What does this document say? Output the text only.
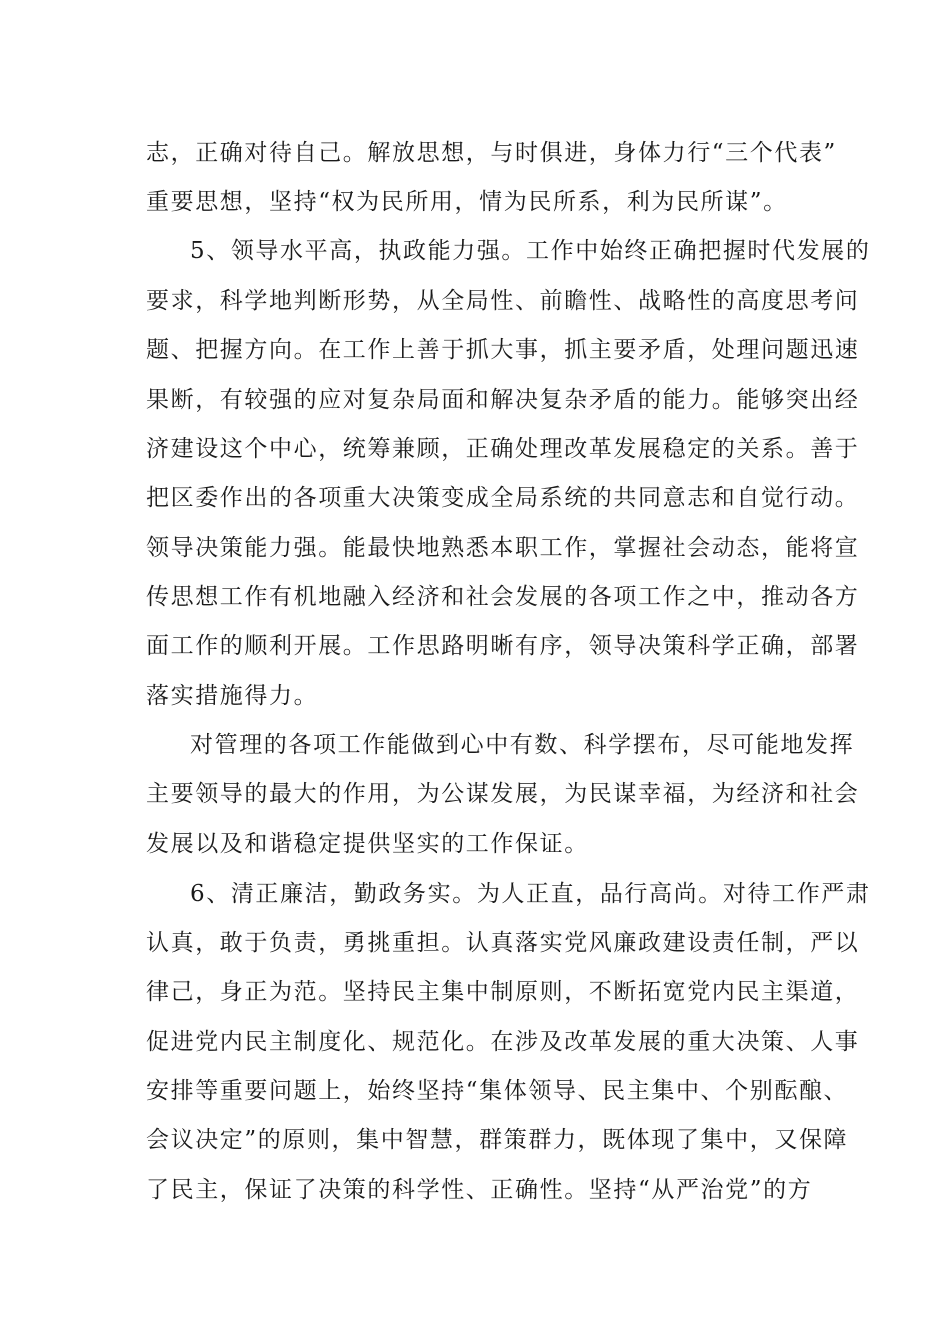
志，正确对待自己。解放思想，与时俱进，身体力行“三个代表”
重要思想，坚持“权为民所用，情为民所系，利为民所谋”。
5、领导水平高，执政能力强。工作中始终正确把握时代发展的
要求，科学地判断形势，从全局性、前瞻性、战略性的高度思考问
题、把握方向。在工作上善于抓大事，抓主要矛盾，处理问题迅速
果断，有较强的应对复杂局面和解决复杂矛盾的能力。能够突出经
济建设这个中心，统筹兼顾，正确处理改革发展稳定的关系。善于
把区委作出的各项重大决策变成全局系统的共同意志和自觉行动。
领导决策能力强。能最快地熟悉本职工作，掌握社会动态，能将宣
传思想工作有机地融入经济和社会发展的各项工作之中，推动各方
面工作的顺利开展。工作思路明晰有序，领导决策科学正确，部署
落实措施得力。
对管理的各项工作能做到心中有数、科学摆布，尽可能地发挥
主要领导的最大的作用，为公谋发展，为民谋幸福，为经济和社会
发展以及和谐稳定提供坚实的工作保证。
6、清正廉洁，勤政务实。为人正直，品行高尚。对待工作严肃
认真，敢于负责，勇挑重担。认真落实党风廉政建设责任制，严以
律己，身正为范。坚持民主集中制原则，不断拓宽党内民主渠道，
促进党内民主制度化、规范化。在涉及改革发展的重大决策、人事
安排等重要问题上，始终坚持“集体领导、民主集中、个别酝酿、
会议决定”的原则，集中智慧，群策群力，既体现了集中，又保障
了民主，保证了决策的科学性、正确性。坚持“从严治党”的方
